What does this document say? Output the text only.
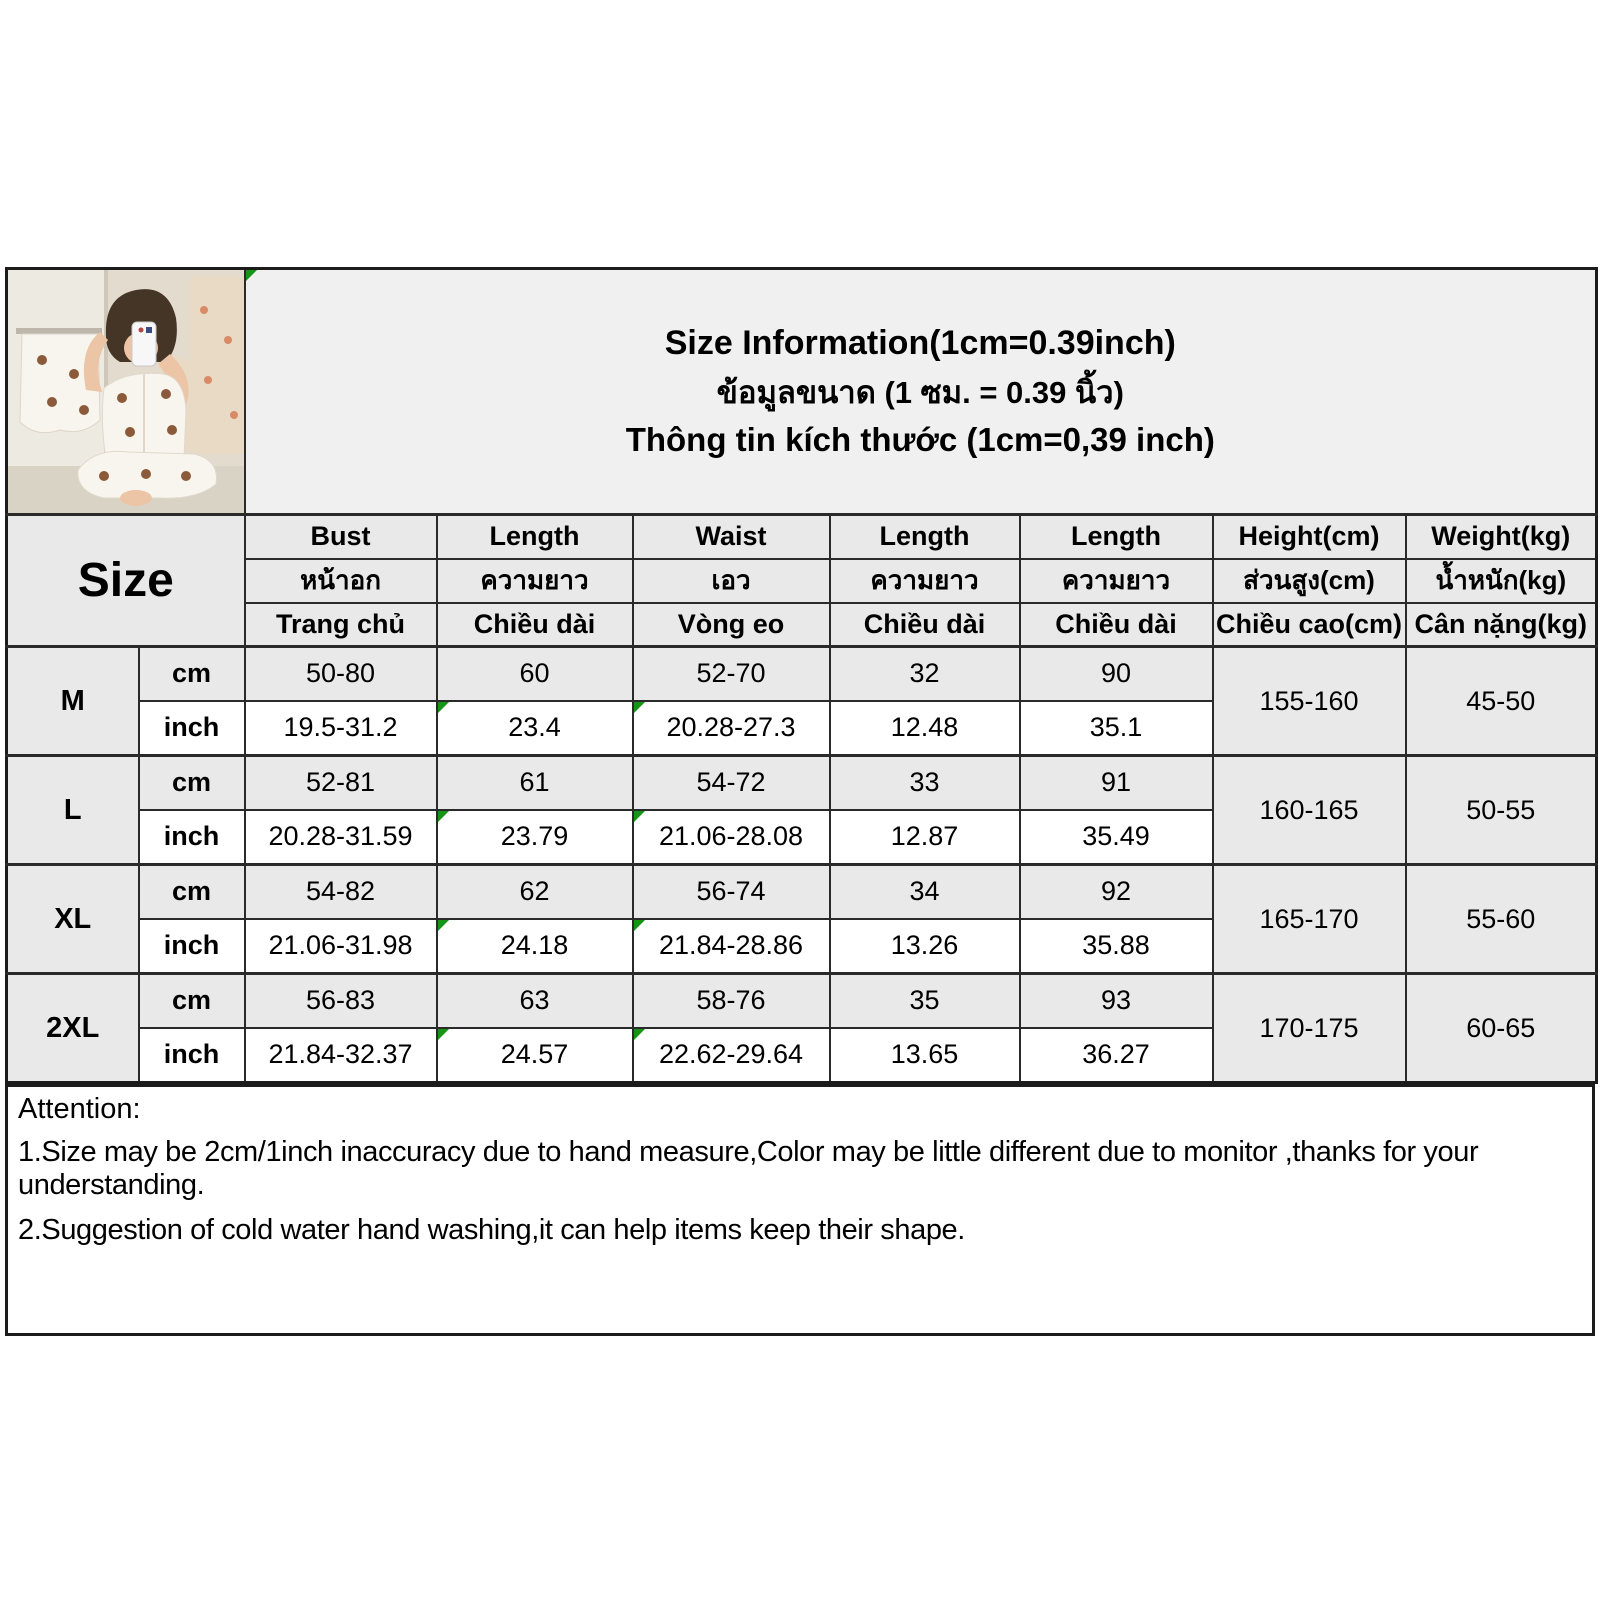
Size Information(1cm=0.39inch)
ข้อมูลขนาด (1 ซม. = 0.39 นิ้ว)
Thông tin kích thước (1cm=0,39 inch)						

Size		Bust	Length	Waist	Length	Length	Height(cm)	Weight(kg)
		หน้าอก	ความยาว	เอว	ความยาว	ความยาว	ส่วนสูง(cm)	น้ำหนัก(kg)
		Trang chủ	Chiều dài	Vòng eo	Chiều dài	Chiều dài	Chiều cao(cm)	Cân nặng(kg)
M	cm	50-80	60	52-70	32	90	155-160	45-50
	inch	19.5-31.2	23.4	20.28-27.3	12.48	35.1		
L	cm	52-81	61	54-72	33	91	160-165	50-55
	inch	20.28-31.59	23.79	21.06-28.08	12.87	35.49		
XL	cm	54-82	62	56-74	34	92	165-170	55-60
	inch	21.06-31.98	24.18	21.84-28.86	13.26	35.88		
2XL	cm	56-83	63	58-76	35	93	170-175	60-65
	inch	21.84-32.37	24.57	22.62-29.64	13.65	36.27		
Attention:
1.Size may be 2cm/1inch inaccuracy due to hand measure,Color may be little different due to monitor ,thanks for your understanding.
2.Suggestion of cold water hand washing,it can help items keep their shape.
